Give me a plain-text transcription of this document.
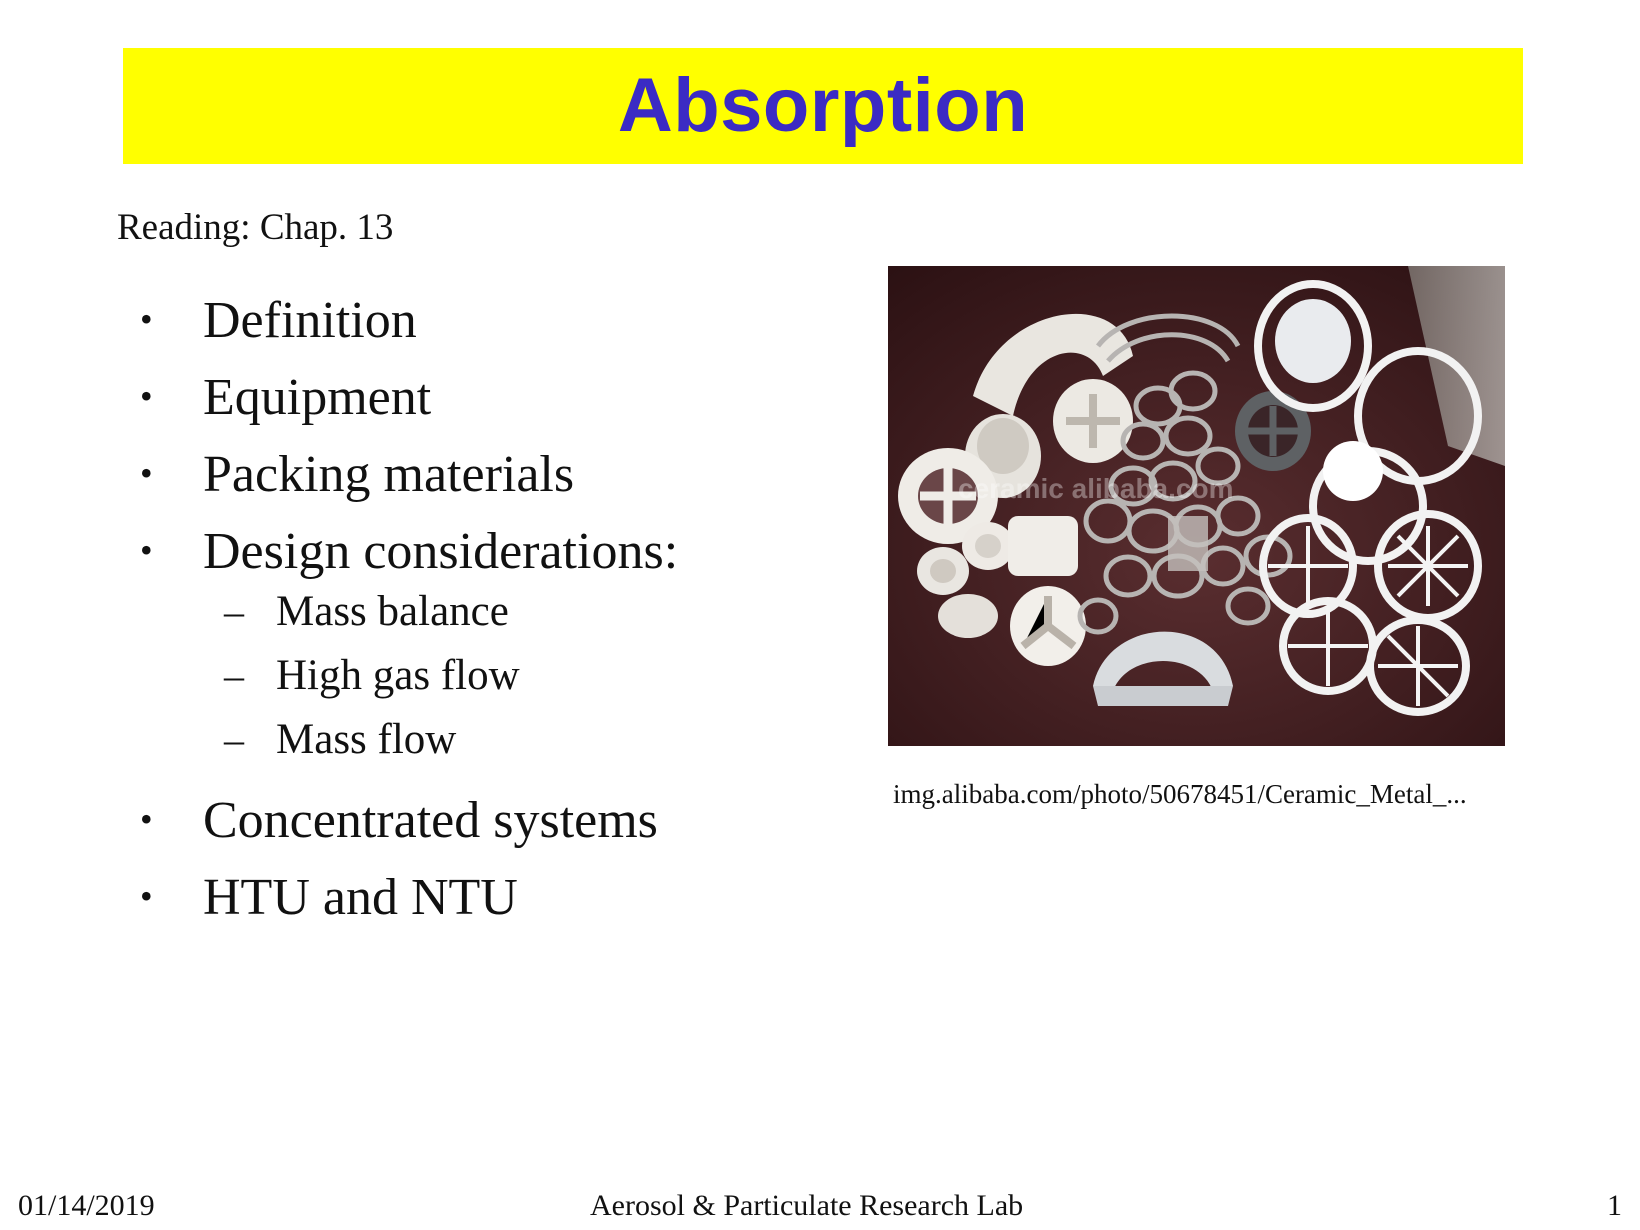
Absorption
Reading: Chap. 13
• Definition
• Equipment
• Packing materials
• Design considerations:
– Mass balance
– High gas flow
– Mass flow
• Concentrated systems
• HTU and NTU
ceramic alibaba.com
img.alibaba.com/photo/50678451/Ceramic_Metal_...
01/14/2019	Aerosol & Particulate Research Lab	1
